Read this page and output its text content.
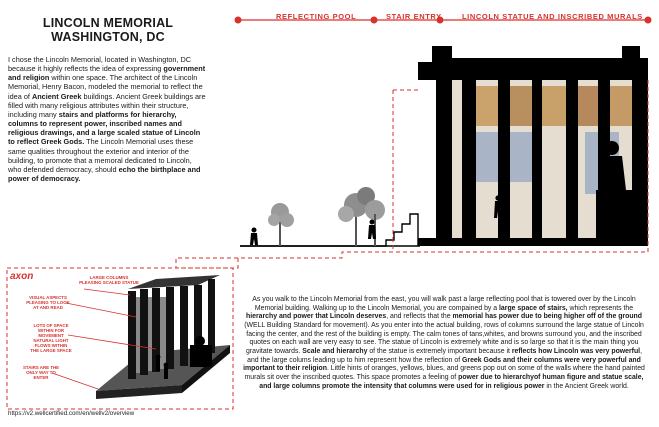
LINCOLN MEMORIAL
WASHINGTON, DC
I chose the Lincoln Memorial, located in Washington, DC because it highly reflects the idea of expressing government and religion within one space. The architect of the Lincoln Memorial, Henry Bacon, modeled the memorial to reflect the idea of Ancient Greek buildings. Ancient Greek buildings are filled with many religious attributes within their structure, including many stairs and platforms for hierarchy, columns to represent power, inscribed names and religious drawings, and a large scaled statue of Lincoln to reflect Greek Gods. The Lincoln Memorial uses these same qualities throughout the exterior and interior of the building, to promote that a memoral dedicated to Lincoln, who defended democracy, should echo the birthplace and power of democracy.
REFLECTING POOL	STAIR ENTRY	LINCOLN STATUE AND INSCRIBED MURALS
axon	LARGE COLUMNS PLEASING SCALED STATUE
VISUAL ASPECTS PLEASING TO LOOK AT AND READ
LOTS OF SPACE WITHIN FOR MOVEMENT NATURAL LIGHT FLOWS WITHIN THE LARGE SPACE
STAIRS ARE THE ONLY WAY TO ENTER
As you walk to the Lincoln Memorial from the east, you will walk past a large reflecting pool that is towered over by the Lincoln Memorial building. Walking up to the Lincoln Memorial, you are compained by a large space of stairs, which represents the hierarchy and power that Lincoln deserves, and reflects that the memorial has power due to being higher off of the ground (WELL Building Standard for movement). As you enter into the actual building, rows of columns surround the large statue of Lincoln facing the center, and the rest of the building is empty. The calm tones of tans,whites, and browns surround you, and the inscribed quotes on each wall are very easy to see. The statue of Lincoln is extremely white and is so large so that it is the main thing you gravitate towards. Scale and hierarchy of the statue is extremely important because it reflects how Lincoln was very powerful, and the large colums leading up to him represent how the reflection of Greek Gods and their columns were very powerful and important to their religion. Little hints of oranges, yellows, blues, and greens pop out on some of the walls where the hand painted murals sit over the inscribed quotes. This space promotes a feeling of power due to hierarchyof human figure and statue scale, and large columns promote the intensity that columns were used for in religious power in the Ancient Greek world.
https://v2.wellcertified.com/en/wellv2/overview
